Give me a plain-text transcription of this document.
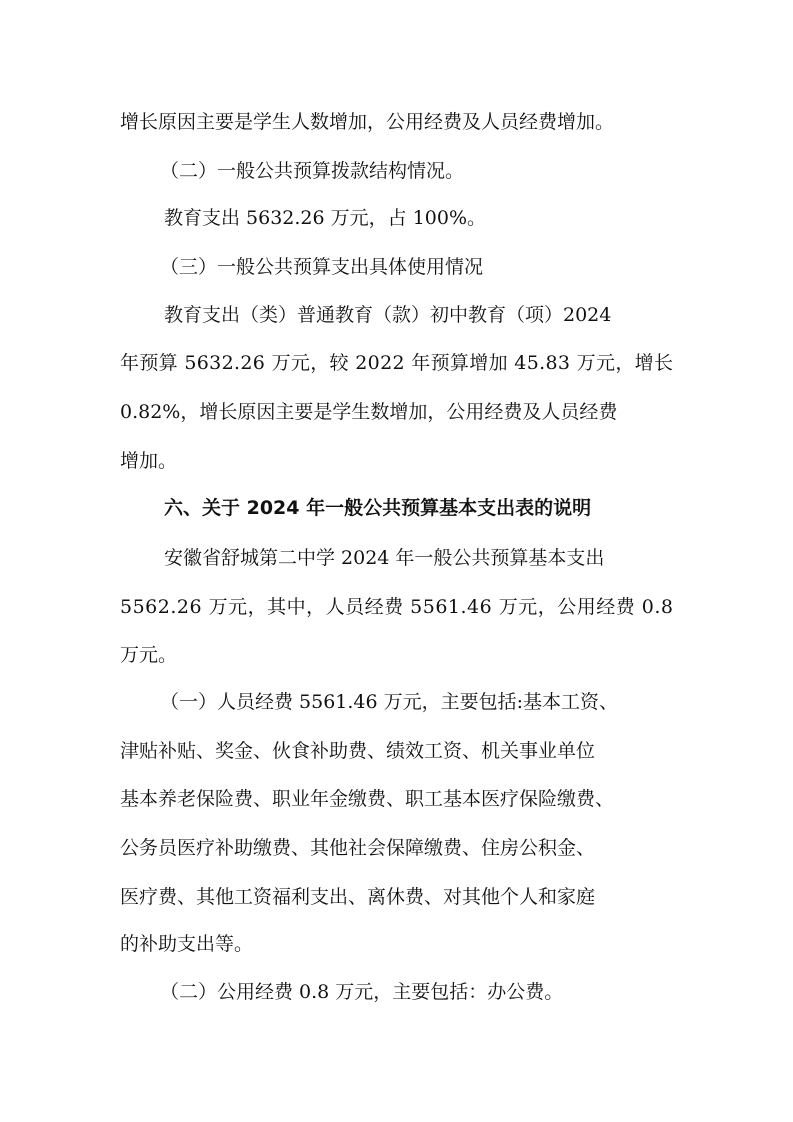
增长原因主要是学生人数增加，公用经费及人员经费增加。
（二）一般公共预算拨款结构情况。
教育支出 5632.26 万元，占 100%。
（三）一般公共预算支出具体使用情况
教育支出（类）普通教育（款）初中教育（项）2024
年预算 5632.26 万元，较 2022 年预算增加 45.83 万元，增长
0.82%，增长原因主要是学生数增加，公用经费及人员经费
增加。
六、关于 2024 年一般公共预算基本支出表的说明
安徽省舒城第二中学 2024 年一般公共预算基本支出
5562.26 万元，其中，人员经费 5561.46 万元，公用经费 0.8
万元。
（一）人员经费 5561.46 万元，主要包括:基本工资、
津贴补贴、奖金、伙食补助费、绩效工资、机关事业单位
基本养老保险费、职业年金缴费、职工基本医疗保险缴费、
公务员医疗补助缴费、其他社会保障缴费、住房公积金、
医疗费、其他工资福利支出、离休费、对其他个人和家庭
的补助支出等。
（二）公用经费 0.8 万元，主要包括：办公费。
